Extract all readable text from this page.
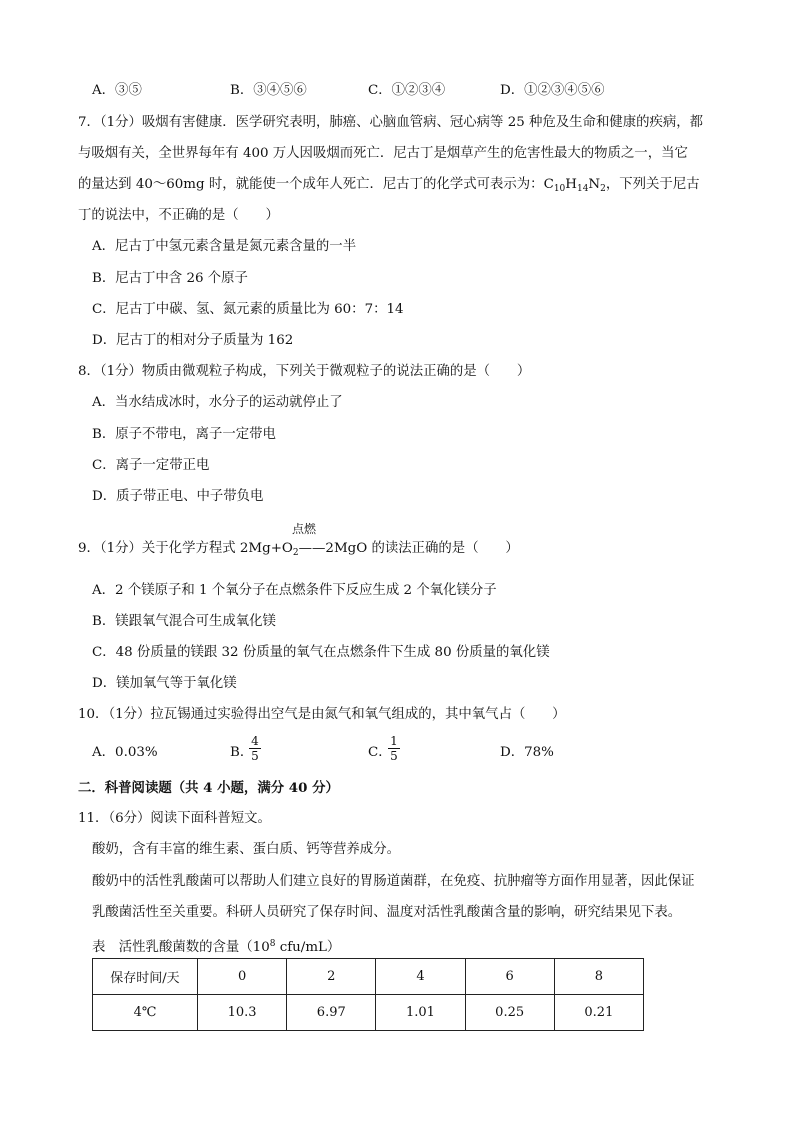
A．③⑤	B．③④⑤⑥	C．①②③④	D．①②③④⑤⑥
7．（1分）吸烟有害健康．医学研究表明，肺癌、心脑血管病、冠心病等 25 种危及生命和健康的疾病，都
与吸烟有关，全世界每年有 400 万人因吸烟而死亡．尼古丁是烟草产生的危害性最大的物质之一，当它
的量达到 40～60mg 时，就能使一个成年人死亡．尼古丁的化学式可表示为：$C_{10}H_{14}N_2$，下列关于尼古
丁的说法中，不正确的是（　　）
A．尼古丁中氢元素含量是氮元素含量的一半
B．尼古丁中含 26 个原子
C．尼古丁中碳、氢、氮元素的质量比为 60：7：14
D．尼古丁的相对分子质量为 162
8．（1分）物质由微观粒子构成，下列关于微观粒子的说法正确的是（　　）
A．当水结成冰时，水分子的运动就停止了
B．原子不带电，离子一定带电
C．离子一定带正电
D．质子带正电、中子带负电
点燃
9．（1分）关于化学方程式 $2Mg+O_2——2MgO$ 的读法正确的是（　　）
A．2 个镁原子和 1 个氧分子在点燃条件下反应生成 2 个氧化镁分子
B．镁跟氧气混合可生成氧化镁
C．48 份质量的镁跟 32 份质量的氧气在点燃条件下生成 80 份质量的氧化镁
D．镁加氧气等于氧化镁
10．（1分）拉瓦锡通过实验得出空气是由氮气和氧气组成的，其中氧气占（　　）
A．0.03%	B．
$\frac{4}{5}$	C．
$\frac{1}{5}$	D．78%
二．科普阅读题（共 4 小题，满分 40 分）
11．（6分）阅读下面科普短文。
酸奶，含有丰富的维生素、蛋白质、钙等营养成分。
酸奶中的活性乳酸菌可以帮助人们建立良好的胃肠道菌群，在免疫、抗肿瘤等方面作用显著，因此保证
乳酸菌活性至关重要。科研人员研究了保存时间、温度对活性乳酸菌含量的影响，研究结果见下表。
表　活性乳酸菌数的含量（$10^8$ cfu/mL）
保存时间/天	0	2	4	6	8
4℃	10.3	6.97	1.01	0.25	0.21
